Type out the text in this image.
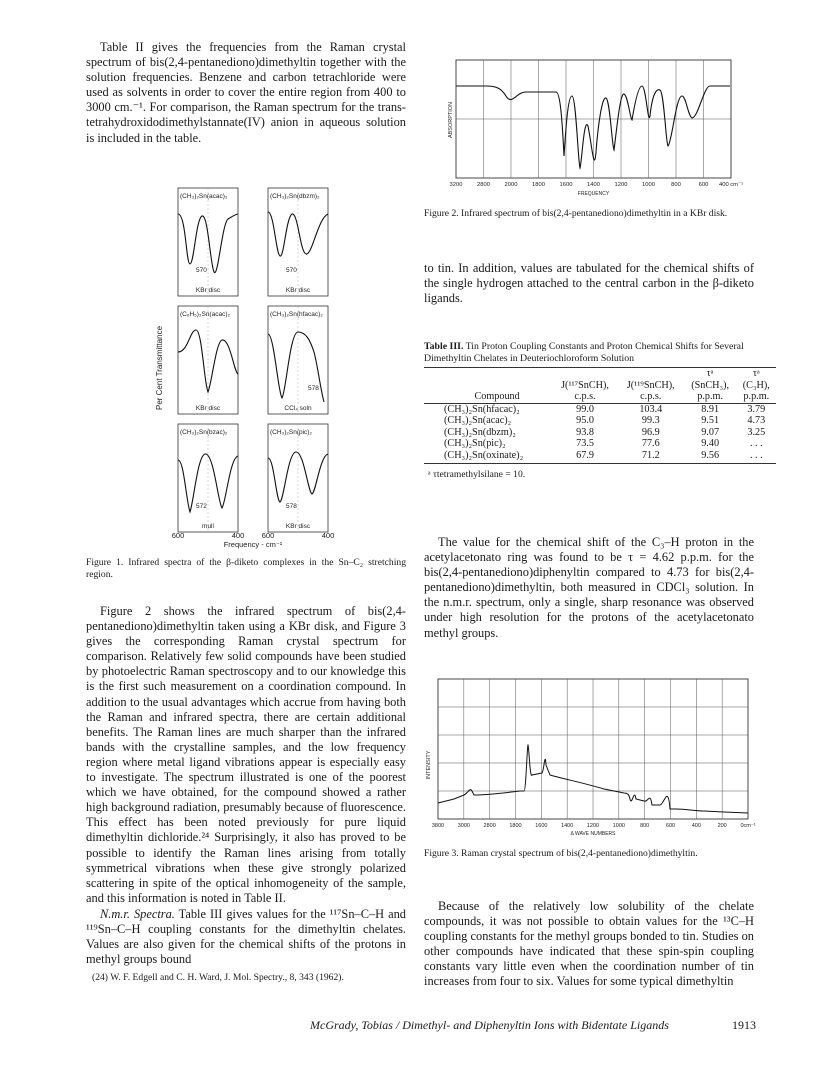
Table II gives the frequencies from the Raman crystal spectrum of bis(2,4-pentanediono)dimethyltin together with the solution frequencies. Benzene and carbon tetrachloride were used as solvents in order to cover the entire region from 400 to 3000 cm.⁻¹. For comparison, the Raman spectrum for the trans-tetrahydroxidodimethylstannate(IV) anion in aqueous solution is included in the table.

(CH₃)₂Sn(acac)₂
570
KBr disc
(CH₃)₂Sn(dbzm)₂
570
KBr disc
(C₆H₅)₂Sn(acac)₂
KBr disc
(CH₃)₂Sn(hfacac)₂
578
CCl₄ soln
(CH₃)₂Sn(bzac)₂
572
mull
(CH₃)₂Sn(pic)₂
578
KBr disc
Per Cent Transmittance
600	400 600	400
Frequency - cm⁻¹

Figure 1. Infrared spectra of the β-diketo complexes in the Sn–C₂ stretching region.

Figure 2 shows the infrared spectrum of bis(2,4-pentanediono)dimethyltin taken using a KBr disk, and Figure 3 gives the corresponding Raman crystal spectrum for comparison. Relatively few solid compounds have been studied by photoelectric Raman spectroscopy and to our knowledge this is the first such measurement on a coordination compound. In addition to the usual advantages which accrue from having both the Raman and infrared spectra, there are certain additional benefits. The Raman lines are much sharper than the infrared bands with the crystalline samples, and the low frequency region where metal ligand vibrations appear is especially easy to investigate. The spectrum illustrated is one of the poorest which we have obtained, for the compound showed a rather high background radiation, presumably because of fluorescence. This effect has been noted previously for pure liquid dimethyltin dichloride.²⁴ Surprisingly, it also has proved to be possible to identify the Raman lines arising from totally symmetrical vibrations when these give strongly polarized scattering in spite of the optical inhomogeneity of the sample, and this information is noted in Table II.

N.m.r. Spectra. Table III gives values for the ¹¹⁷Sn–C–H and ¹¹⁹Sn–C–H coupling constants for the dimethyltin chelates. Values are also given for the chemical shifts of the protons in methyl groups bound

(24) W. F. Edgell and C. H. Ward, J. Mol. Spectry., 8, 343 (1962).
ABSORPTION
3200	2800	2000	1800	1600	1400	1200	1000	800	600 400 cm⁻¹
FREQUENCY

Figure 2. Infrared spectrum of bis(2,4-pentanediono)dimethyltin in a KBr disk.

to tin. In addition, values are tabulated for the chemical shifts of the single hydrogen attached to the central carbon in the β-diketo ligands.

Table III. Tin Proton Coupling Constants and Proton Chemical Shifts for Several Dimethyltin Chelates in Deuteriochloroform Solution
			τᵃ	τᵃ
	J(¹¹⁷SnCH),	J(¹¹⁹SnCH),	(SnCH₃),	(C₃H),
Compound	c.p.s.	c.p.s.	p.p.m.	p.p.m.
(CH₃)₂Sn(hfacac)₂	99.0	103.4	8.91	3.79
(CH₃)₂Sn(acac)₂	95.0	99.3	9.51	4.73
(CH₃)₂Sn(dbzm)₂	93.8	96.9	9.07	3.25
(CH₃)₂Sn(pic)₂	73.5	77.6	9.40	. . .
(CH₃)₂Sn(oxinate)₂	67.9	71.2	9.56	. . .
ᵃ τtetramethylsilane = 10.

The value for the chemical shift of the C₃–H proton in the acetylacetonato ring was found to be τ = 4.62 p.p.m. for the bis(2,4-pentanediono)diphenyltin compared to 4.73 for bis(2,4-pentanediono)dimethyltin, both measured in CDCl₃ solution. In the n.m.r. spectrum, only a single, sharp resonance was observed under high resolution for the protons of the acetylacetonato methyl groups.

INTENSITY
3800 3000 2800 1800 1600 1400 1200 1000	800	600	400	200 0cm⁻¹
Δ WAVE NUMBERS

Figure 3. Raman crystal spectrum of bis(2,4-pentanediono)dimethyltin.

Because of the relatively low solubility of the chelate compounds, it was not possible to obtain values for the ¹³C–H coupling constants for the methyl groups bonded to tin. Studies on other compounds have indicated that these spin-spin coupling constants vary little even when the coordination number of tin increases from four to six. Values for some typical dimethyltin

McGrady, Tobias / Dimethyl- and Diphenyltin Ions with Bidentate Ligands	1913
